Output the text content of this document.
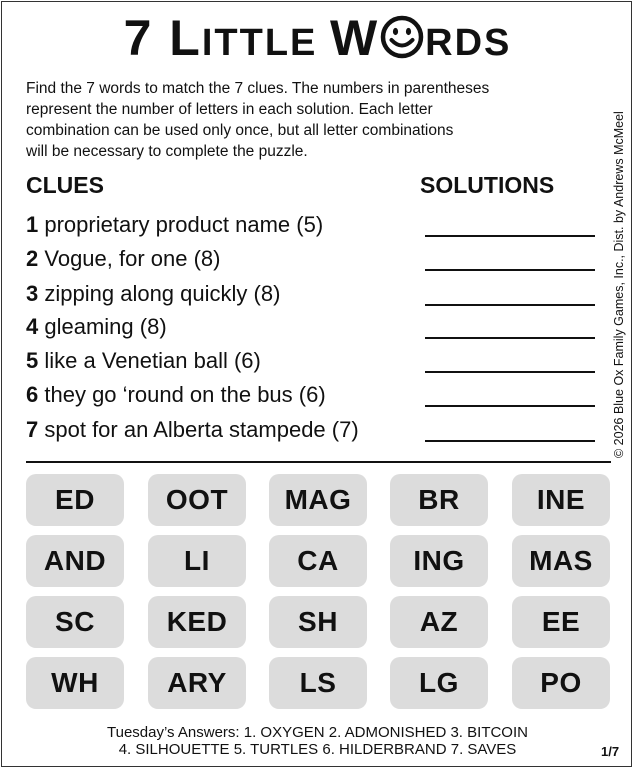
7 LITTLE W RDS
Find the 7 words to match the 7 clues. The numbers in parentheses
represent the number of letters in each solution. Each letter
combination can be used only once, but all letter combinations
will be necessary to complete the puzzle.
CLUES	SOLUTIONS
1 proprietary product name (5)
2 Vogue, for one (8)
3 zipping along quickly (8)
4 gleaming (8)
5 like a Venetian ball (6)
6 they go ‘round on the bus (6)
7 spot for an Alberta stampede (7)	© 2026 Blue Ox Family Games, Inc., Dist. by Andrews McMeel
ED	OOT	MAG	BR	INE
AND	LI	CA	ING	MAS
SC	KED	SH	AZ	EE
WH	ARY	LS	LG	PO
Tuesday’s Answers: 1. OXYGEN 2. ADMONISHED 3. BITCOIN
4. SILHOUETTE 5. TURTLES 6. HILDERBRAND 7. SAVES	1/7
